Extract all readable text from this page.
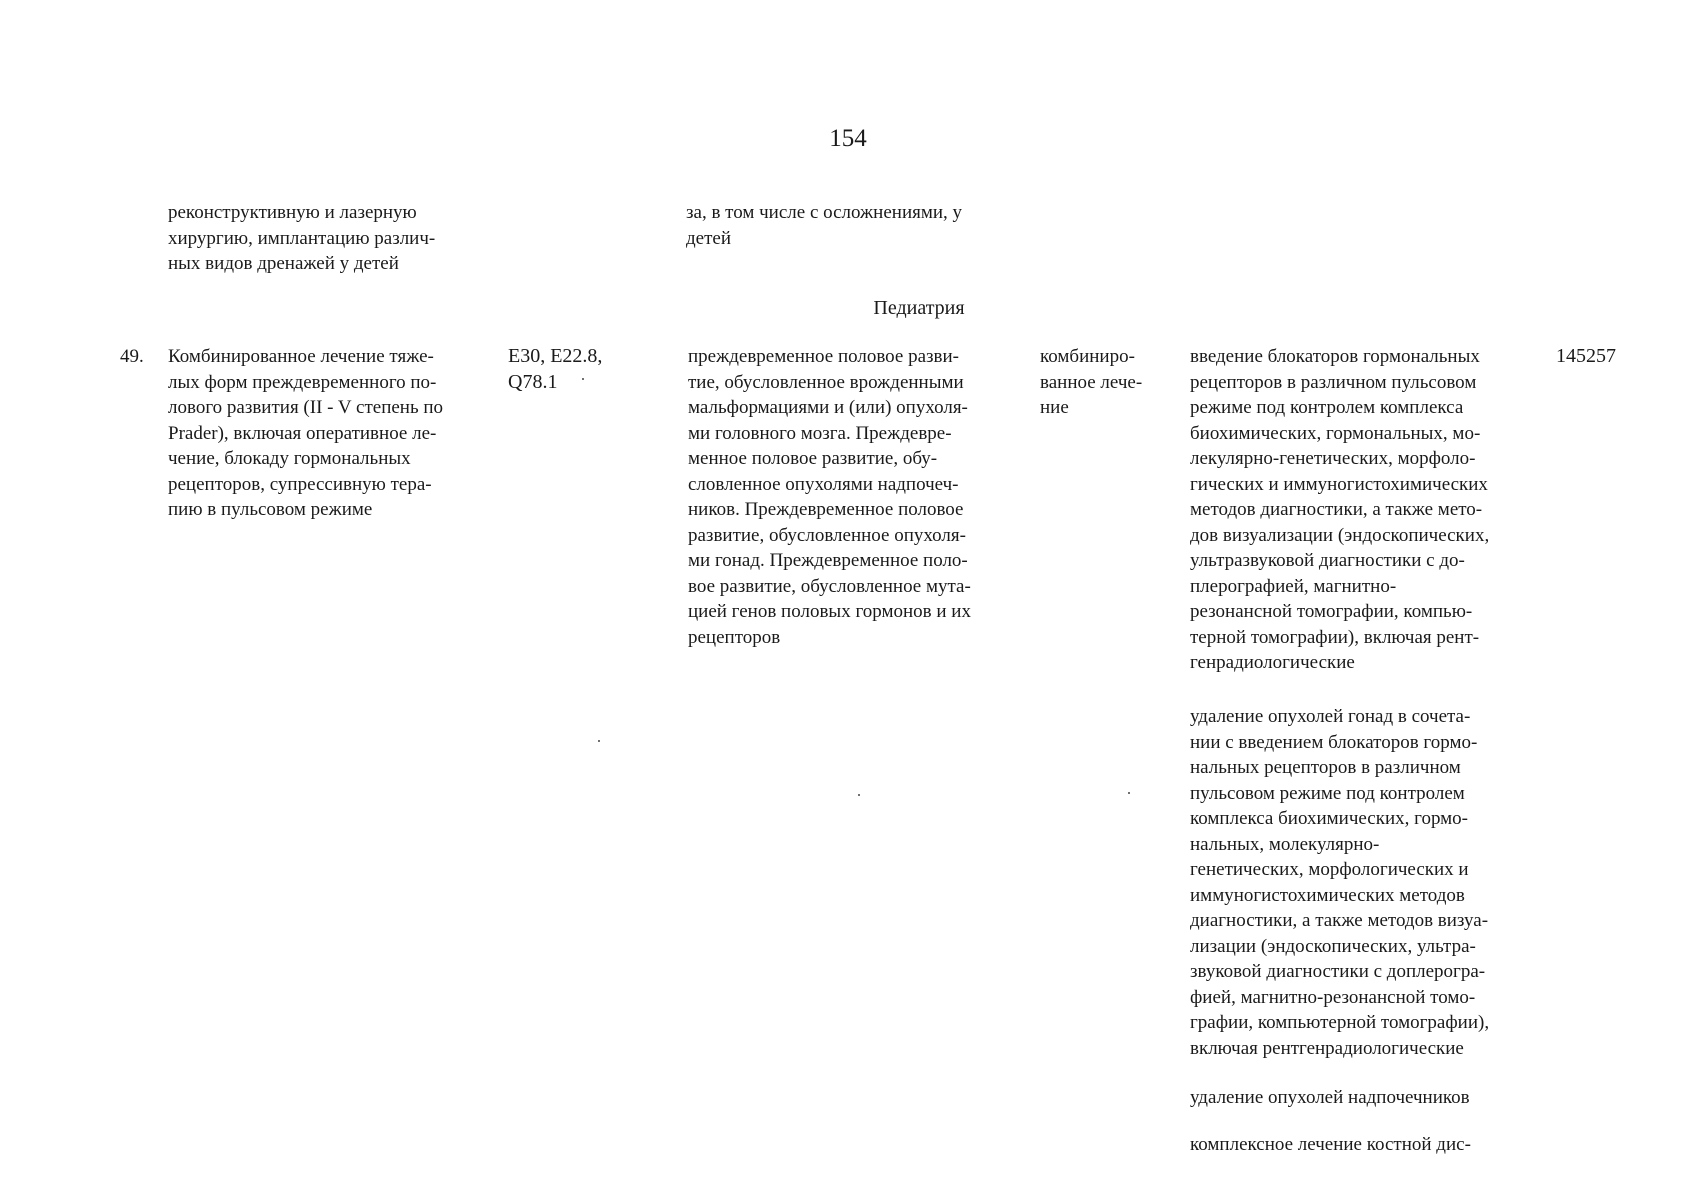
154
реконструктивную и лазерную
хирургию, имплантацию различ-
ных видов дренажей у детей
за, в том числе с осложнениями, у
детей
Педиатрия
49. Комбинированное лечение тяже-
лых форм преждевременного по-
лового развития (II - V степень по
Prader), включая оперативное ле-
чение, блокаду гормональных
рецепторов, супрессивную тера-
пию в пульсовом режиме
E30, E22.8,
Q78.1
преждевременное половое разви-
тие, обусловленное врожденными
мальформациями и (или) опухоля-
ми головного мозга. Преждевре-
менное половое развитие, обу-
словленное опухолями надпочеч-
ников. Преждевременное половое
развитие, обусловленное опухоля-
ми гонад. Преждевременное поло-
вое развитие, обусловленное мута-
цией генов половых гормонов и их
рецепторов
комбиниро-
ванное лече-
ние
введение блокаторов гормональных
рецепторов в различном пульсовом
режиме под контролем комплекса
биохимических, гормональных, мо-
лекулярно-генетических, морфоло-
гических и иммуногистохимических
методов диагностики, а также мето-
дов визуализации (эндоскопических,
ультразвуковой диагностики с до-
плерографией, магнитно-
резонансной томографии, компью-
терной томографии), включая рент-
генрадиологические
удаление опухолей гонад в сочета-
нии с введением блокаторов гормо-
нальных рецепторов в различном
пульсовом режиме под контролем
комплекса биохимических, гормо-
нальных, молекулярно-
генетических, морфологических и
иммуногистохимических методов
диагностики, а также методов визуа-
лизации (эндоскопических, ультра-
звуковой диагностики с доплерогра-
фией, магнитно-резонансной томо-
графии, компьютерной томографии),
включая рентгенрадиологические
удаление опухолей надпочечников
комплексное лечение костной дис-
145257
